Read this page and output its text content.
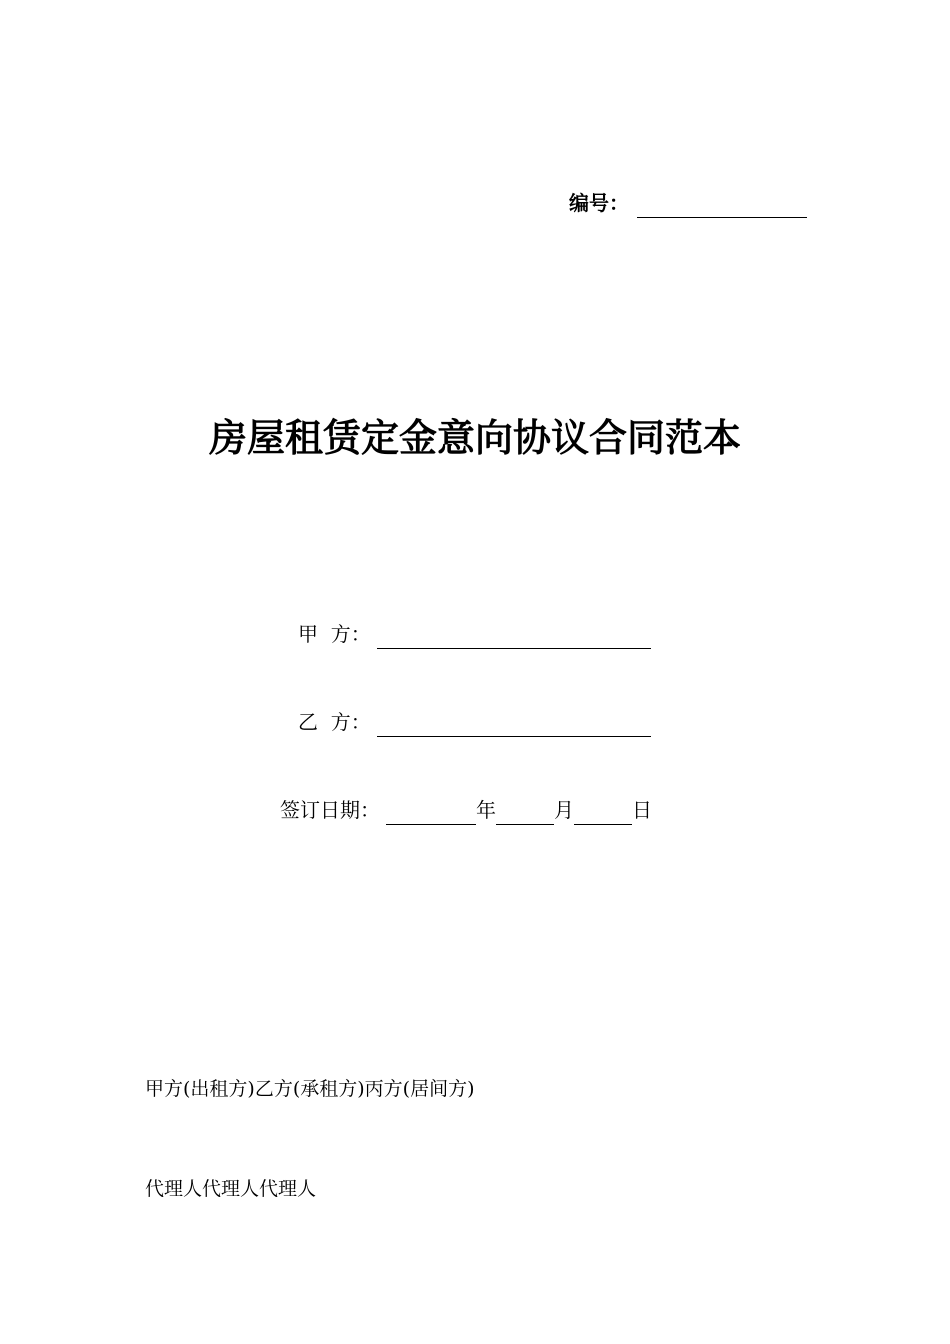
编号：
房屋租赁定金意向协议合同范本
甲  方：
乙  方：
签订日期：	年	月	日
甲方(出租方)乙方(承租方)丙方(居间方)
代理人代理人代理人
